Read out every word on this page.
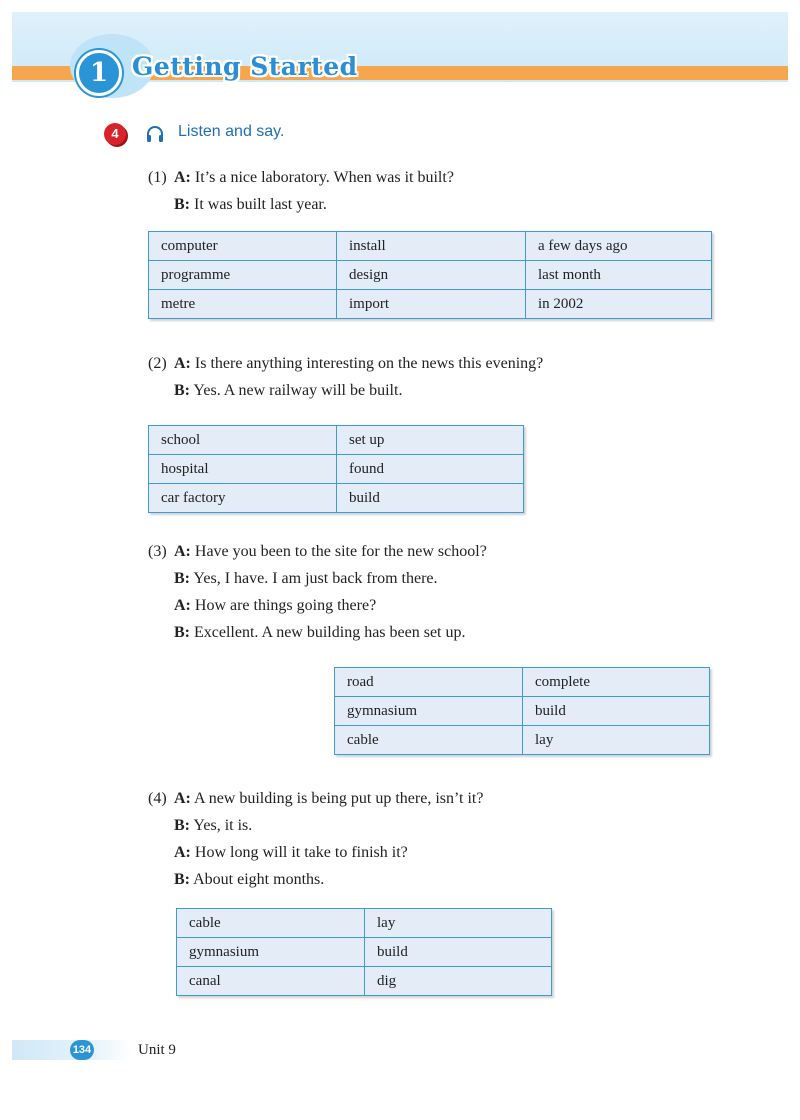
1 Getting Started
4	Listen and say.
(1) A: It’s a nice laboratory. When was it built?
B: It was built last year.
computer	install	a few days ago
programme	design	last month
metre	import	in 2002
(2) A: Is there anything interesting on the news this evening?
B: Yes. A new railway will be built.
school	set up
hospital	found
car factory	build
(3) A: Have you been to the site for the new school?
B: Yes, I have. I am just back from there.
A: How are things going there?
B: Excellent. A new building has been set up.
road	complete
gymnasium	build
cable	lay
(4) A: A new building is being put up there, isn’t it?
B: Yes, it is.
A: How long will it take to finish it?
B: About eight months.
cable	lay
gymnasium	build
canal	dig
134	Unit 9
